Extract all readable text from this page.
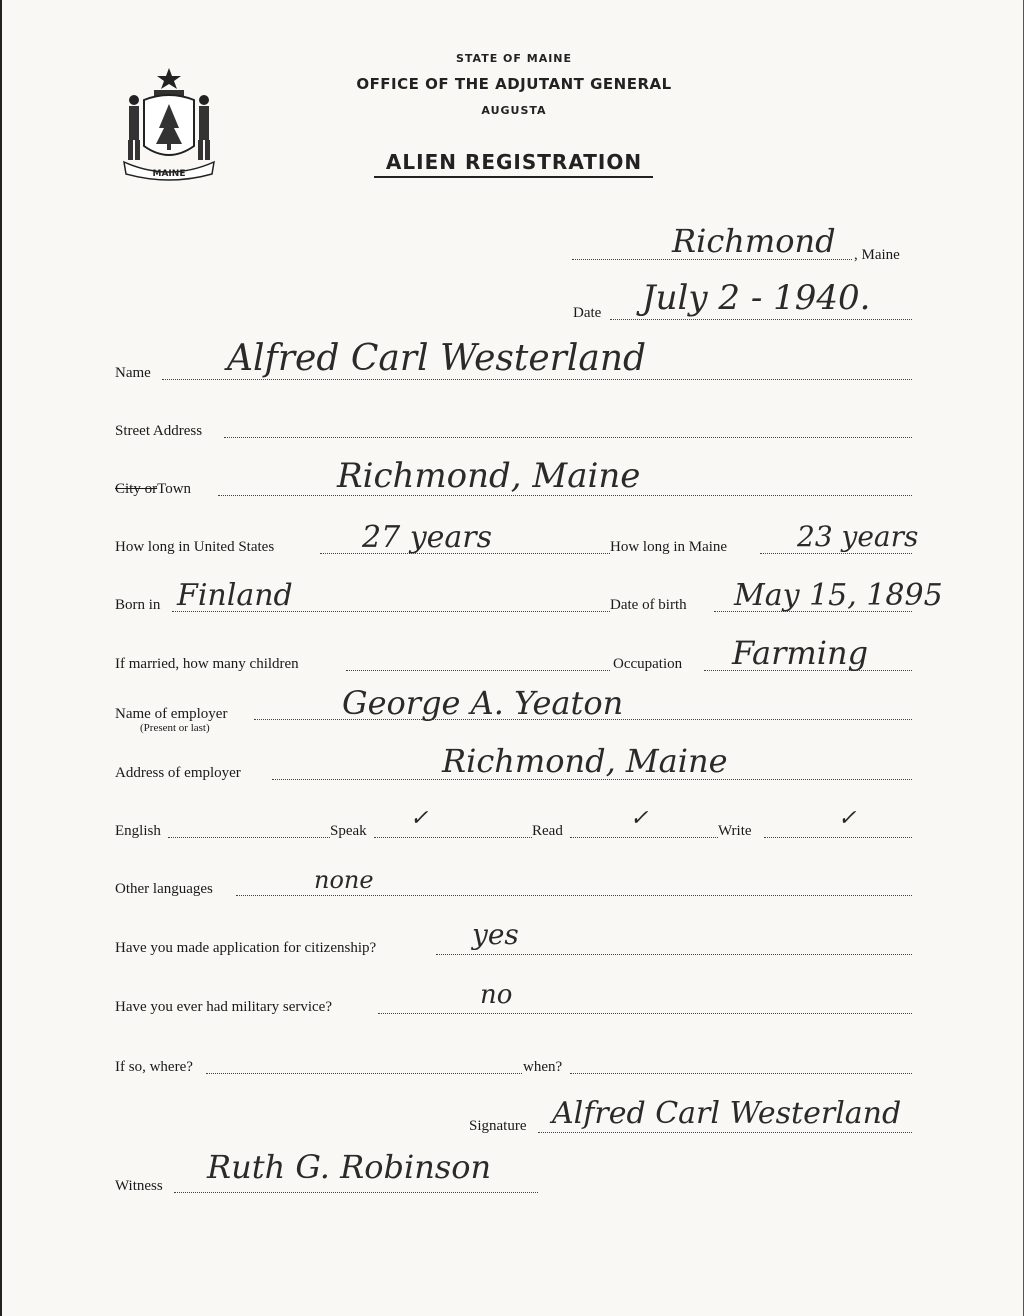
MAINE
STATE OF MAINE
OFFICE OF THE ADJUTANT GENERAL
AUGUSTA
ALIEN REGISTRATION
Richmond , Maine
Date July 2 - 1940.
Name Alfred Carl Westerland
Street Address
City orTown	Richmond, Maine
How long in United States	27 years	How long in Maine 23 years
Born in Finland	Date of birth May 15, 1895
If married, how many children	Occupation Farming
Name of employer
(Present or last)
George A. Yeaton
Address of employer	Richmond, Maine
English	Speak ✓	Read	✓	Write	✓
Other languages	none
Have you made application for citizenship?	yes
Have you ever had military service?	no
If so, where?	when?
Signature Alfred Carl Westerland
Witness Ruth G. Robinson
